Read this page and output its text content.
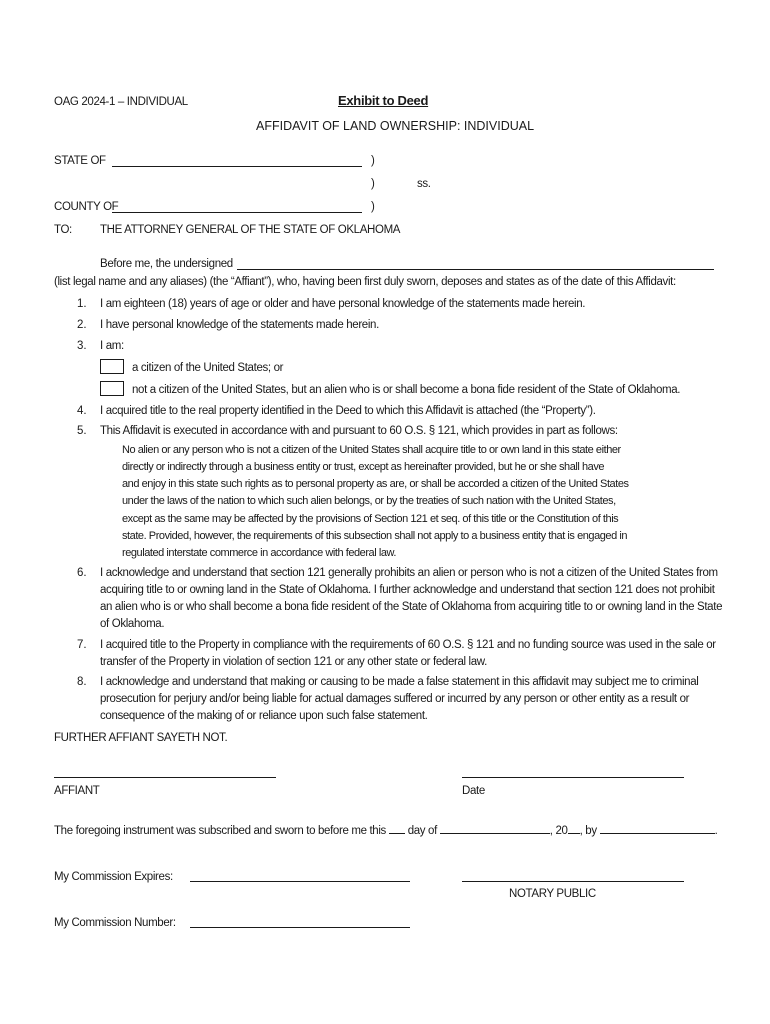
OAG 2024-1 – INDIVIDUAL	Exhibit to Deed
AFFIDAVIT OF LAND OWNERSHIP: INDIVIDUAL
STATE OF	)
)	ss.
COUNTY OF	)
TO: THE ATTORNEY GENERAL OF THE STATE OF OKLAHOMA
Before me, the undersigned
(list legal name and any aliases) (the “Affiant”), who, having been first duly sworn, deposes and states as of the date of this Affidavit:
1. I am eighteen (18) years of age or older and have personal knowledge of the statements made herein.
2. I have personal knowledge of the statements made herein.
3. I am:
a citizen of the United States; or
not a citizen of the United States, but an alien who is or shall become a bona fide resident of the State of Oklahoma.
4. I acquired title to the real property identified in the Deed to which this Affidavit is attached (the “Property”).
5. This Affidavit is executed in accordance with and pursuant to 60 O.S. § 121, which provides in part as follows:
No alien or any person who is not a citizen of the United States shall acquire title to or own land in this state either
directly or indirectly through a business entity or trust, except as hereinafter provided, but he or she shall have
and enjoy in this state such rights as to personal property as are, or shall be accorded a citizen of the United States
under the laws of the nation to which such alien belongs, or by the treaties of such nation with the United States,
except as the same may be affected by the provisions of Section 121 et seq. of this title or the Constitution of this
state. Provided, however, the requirements of this subsection shall not apply to a business entity that is engaged in
regulated interstate commerce in accordance with federal law.
6. I acknowledge and understand that section 121 generally prohibits an alien or person who is not a citizen of the United States from
acquiring title to or owning land in the State of Oklahoma. I further acknowledge and understand that section 121 does not prohibit
an alien who is or who shall become a bona fide resident of the State of Oklahoma from acquiring title to or owning land in the State
of Oklahoma.
7. I acquired title to the Property in compliance with the requirements of 60 O.S. § 121 and no funding source was used in the sale or
transfer of the Property in violation of section 121 or any other state or federal law.
8. I acknowledge and understand that making or causing to be made a false statement in this affidavit may subject me to criminal
prosecution for perjury and/or being liable for actual damages suffered or incurred by any person or other entity as a result or
consequence of the making of or reliance upon such false statement.
FURTHER AFFIANT SAYETH NOT.
AFFIANT	Date
The foregoing instrument was subscribed and sworn to before me this day of	, 20 , by	.
My Commission Expires:
NOTARY PUBLIC
My Commission Number:
